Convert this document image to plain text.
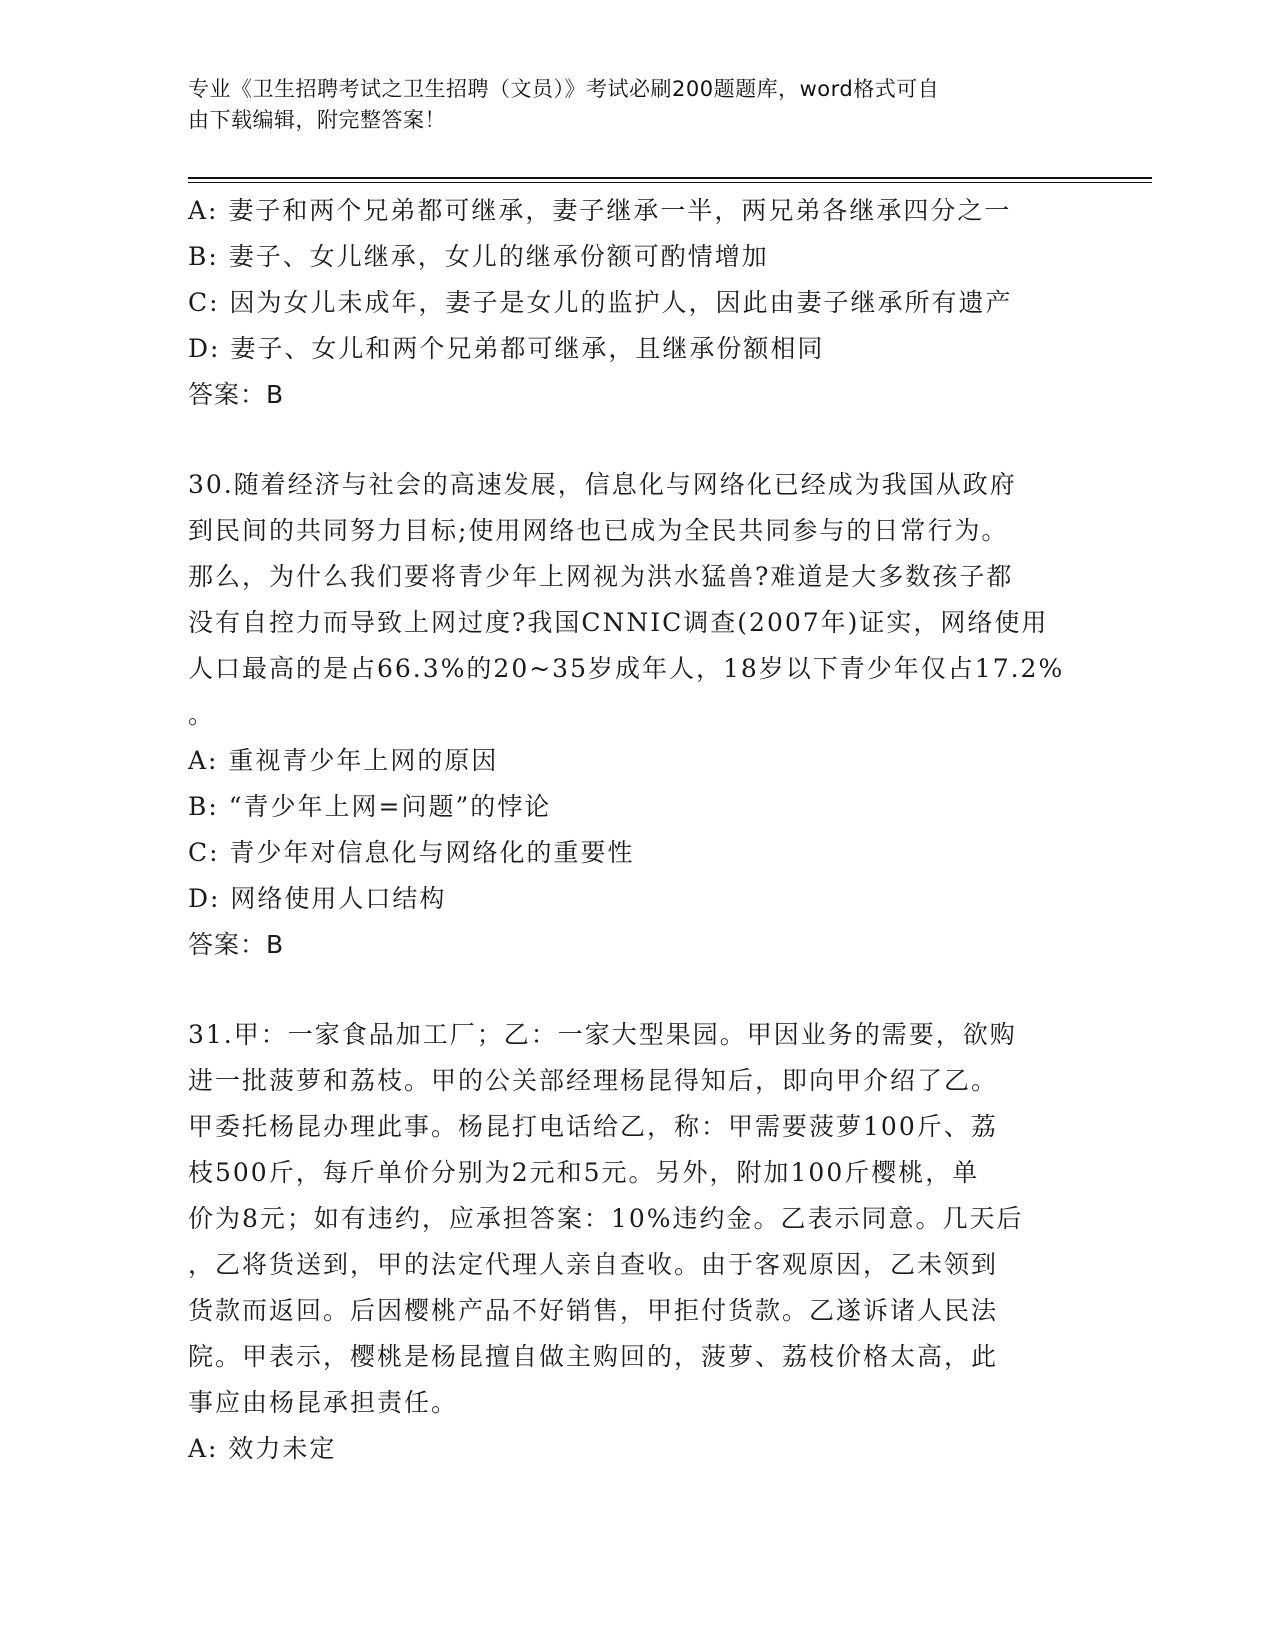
专业《卫生招聘考试之卫生招聘（文员）》考试必刷200题题库，word格式可自
由下载编辑，附完整答案！
A: 妻子和两个兄弟都可继承，妻子继承一半，两兄弟各继承四分之一
B: 妻子、女儿继承，女儿的继承份额可酌情增加
C: 因为女儿未成年，妻子是女儿的监护人，因此由妻子继承所有遗产
D: 妻子、女儿和两个兄弟都可继承，且继承份额相同
答案：B
30.随着经济与社会的高速发展，信息化与网络化已经成为我国从政府
到民间的共同努力目标;使用网络也已成为全民共同参与的日常行为。
那么，为什么我们要将青少年上网视为洪水猛兽?难道是大多数孩子都
没有自控力而导致上网过度?我国CNNIC调查(2007年)证实，网络使用
人口最高的是占66.3%的20~35岁成年人，18岁以下青少年仅占17.2%
。
A: 重视青少年上网的原因
B: “青少年上网=问题”的悖论
C: 青少年对信息化与网络化的重要性
D: 网络使用人口结构
答案：B
31.甲：一家食品加工厂；乙：一家大型果园。甲因业务的需要，欲购
进一批菠萝和荔枝。甲的公关部经理杨昆得知后，即向甲介绍了乙。
甲委托杨昆办理此事。杨昆打电话给乙，称：甲需要菠萝100斤、荔
枝500斤，每斤单价分别为2元和5元。另外，附加100斤樱桃，单
价为8元；如有违约，应承担答案：10%违约金。乙表示同意。几天后
，乙将货送到，甲的法定代理人亲自查收。由于客观原因，乙未领到
货款而返回。后因樱桃产品不好销售，甲拒付货款。乙遂诉诸人民法
院。甲表示，樱桃是杨昆擅自做主购回的，菠萝、荔枝价格太高，此
事应由杨昆承担责任。
A: 效力未定
